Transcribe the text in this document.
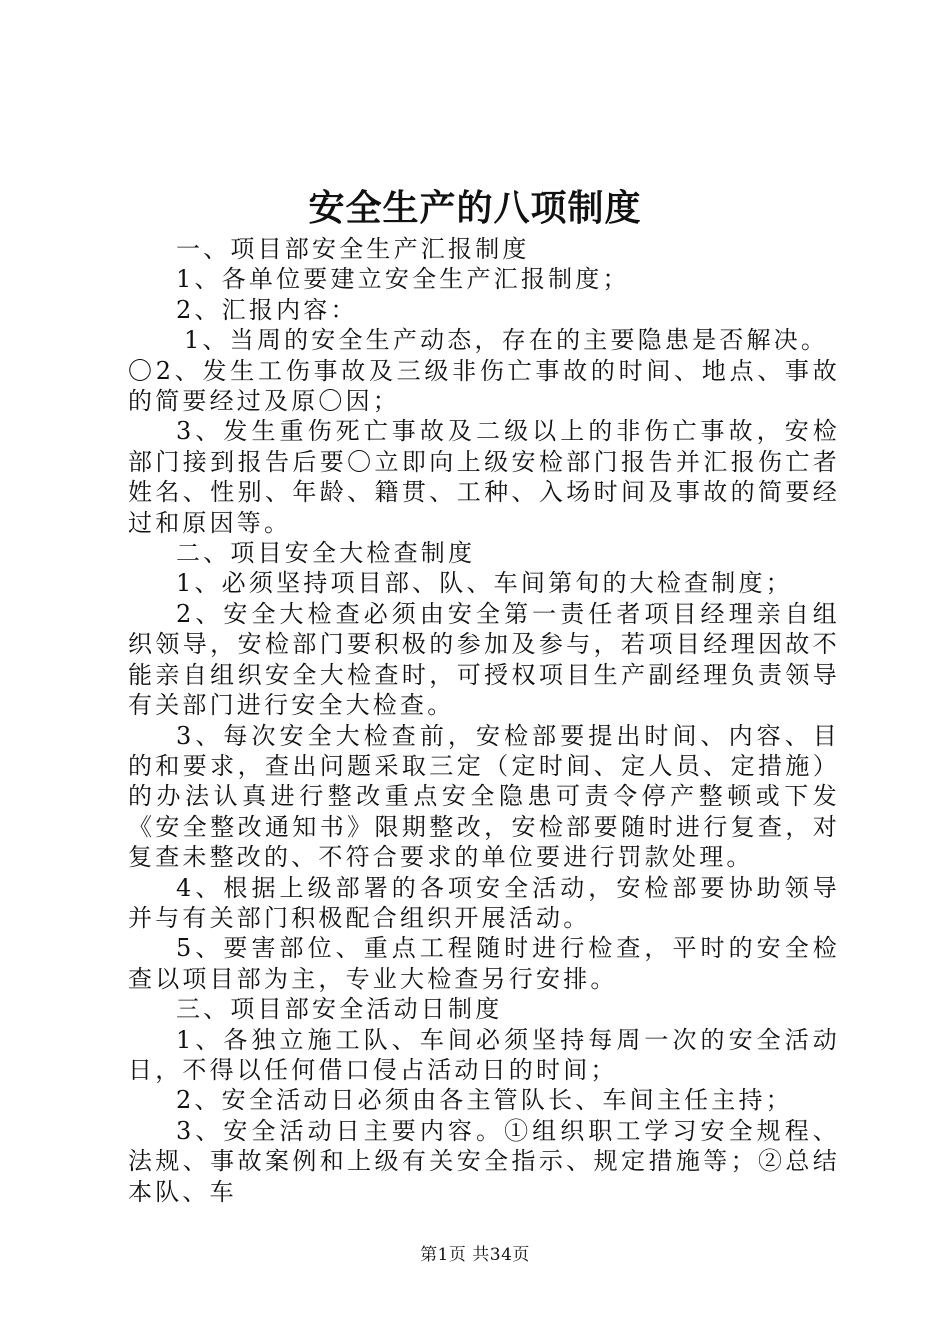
安全生产的八项制度

一、项目部安全生产汇报制度

1、各单位要建立安全生产汇报制度；

2、汇报内容：

1、当周的安全生产动态，存在的主要隐患是否解决。

〇2、发生工伤事故及三级非伤亡事故的时间、地点、事故的简要经过及原〇因；

3、发生重伤死亡事故及二级以上的非伤亡事故，安检部门接到报告后要〇立即向上级安检部门报告并汇报伤亡者姓名、性别、年龄、籍贯、工种、入场时间及事故的简要经过和原因等。

二、项目安全大检查制度

1、必须坚持项目部、队、车间第旬的大检查制度；

2、安全大检查必须由安全第一责任者项目经理亲自组织领导，安检部门要积极的参加及参与，若项目经理因故不能亲自组织安全大检查时，可授权项目生产副经理负责领导有关部门进行安全大检查。

3、每次安全大检查前，安检部要提出时间、内容、目的和要求，查出问题采取三定（定时间、定人员、定措施）的办法认真进行整改重点安全隐患可责令停产整顿或下发《安全整改通知书》限期整改，安检部要随时进行复查，对复查未整改的、不符合要求的单位要进行罚款处理。

4、根据上级部署的各项安全活动，安检部要协助领导并与有关部门积极配合组织开展活动。

5、要害部位、重点工程随时进行检查，平时的安全检查以项目部为主，专业大检查另行安排。

三、项目部安全活动日制度

1、各独立施工队、车间必须坚持每周一次的安全活动日，不得以任何借口侵占活动日的时间；

2、安全活动日必须由各主管队长、车间主任主持；

3、安全活动日主要内容。①组织职工学习安全规程、法规、事故案例和上级有关安全指示、规定措施等；②总结本队、车

第1页 共34页
